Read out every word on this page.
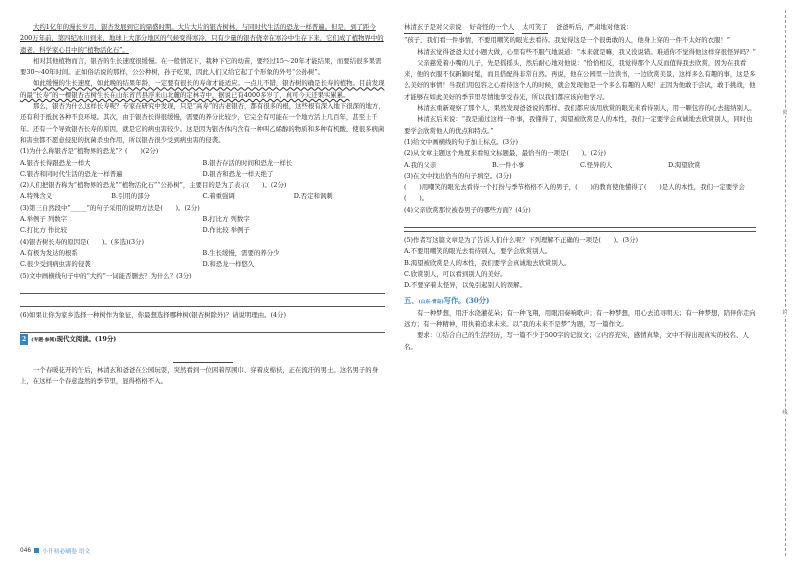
大约1亿年的漫长岁月，银杏发展到它的鼎盛时期。大片大片的银杏树林，与同时代生活的恐龙一样普遍。但是，到了距今200万年前，第四纪冰川到来，地球上大部分地区的气候变得寒冷，只有少量的银杏侥幸在寒冷中生存下来，它们成了植物界中的遗老，科学家心目中的“植物活化石”。

相对其他植物而言，银杏的生长速度很缓慢。在一般情况下，栽种下它的幼苗，要经过15～20年才能结果，而要结很多果需要30～40年时间。正如俗话说的那样，公公种树，孙子吃果，因此人们又给它起了个形象的外号“公孙树”。

如此缓慢的生长速度，如此晚的结果年龄，一定要有很长的寿命才能适应。一点儿不错，银杏树的确是长寿的植物。目前发现的最“长寿”的一棵银杏古树生长在山东省莒县浮来山北麓的定林寺中，据说已有4000多岁了，真可今天还果实累累。

那么，银杏为什么这样长寿呢？专家在研究中发现，只是“高寿”的古老银杏，都有很多的根，这些根有深入地下很深的地方，还有利于抵抗各种不良环境。其次，由于银杏长得很缓慢，需要的养分比较少，它完全有可能在一个地方活上几百年，甚至上千年。还有一个导致银杏长寿的原因，就是它的病虫害较少。这是因为银杏体内含有一种叫乙烯醇的物质和多种有机酸，使很多病菌和害虫都不愿意侵犯的抗菌杀虫作用，所以银杏很少受到病虫害的侵袭。

(1)为什么称银杏是“植物界的恐龙”？(　　)(2分)

A.银杏长得跟恐龙一样大	B.银杏存活的时间和恐龙一样长
C.银杏和同时代生活的恐龙一样普遍	D.银杏和恐龙一样天绝了

(2)人们把银杏称为“植物界的恐龙”“植物活化石”“公孙树”，主要目的是为了表示(　　)。(2分)

A.特殊含义	B.引用的部分	C.着重强调	D.否定和讽刺

(3)第三自然段中“_____”的句子采用的说明方法是(　　)。(2分)

A.举例子 列数字	B.打比方 列数字
C.打比方 作比较	D.作比较 举例子

(4)银杏树长寿的原因是(　　)。(多选)(3分)

A.有极为发达的根系	B.生长缓慢，需要的养分少
C.很少受到病虫害的侵袭	D.和恐龙一样悠久

(5)文中画横线句子中的“大约”一词能否删去？为什么？(3分)

(6)如果让你为家乡选择一种树作为象征，你最想选择哪种树(银杏树除外)？请说明理由。(4分)

2 (专题·参阅)现代文阅读。(19分)

一个春暖花开的午后，林清玄和爸爸在公园玩耍，突然看到一位困着厚围巾、穿着皮棉袄，正在流汗的男士。这名男子的身上，在这样一个春意盎然的季节里，显得格格不入。

林清玄子是对父亲说 好奇怪的一个人 太可笑了 爸爸听后，严肃地对他说：

“孩子，我们看一件事情，不要用嘲笑的眼光去看待。我觉得这是一个很勇敢的人，他身上穿的一件不太好的衣服！”

林清玄觉得爸爸太过小题大做，心里有些不服气地说道：“本来就是嘛，我又没说错。难道你不觉得他这样穿很怪异吗？”

父亲慈爱着小嘴的儿子，先是摇摇头，然后耐心地对他说：“恰恰相反，我觉得那个人反而值得我去欣赏，因为在我看来，他的衣服不仅新颖时髦，而且搭配得非常自然。再说，他在公园里一边读书，一边欣赏美景，这样多么有趣的事，这是多么美好的事情！当我们用包容之心看待这个人的时候，就会发现他是一个多么有趣的人呢！正因为他敢于尝试，敢于挑战，他才能够在如此美好的季节里尽情地享受春光，所以我们都应该向他学习。

林清玄重新观察了那个人，果然发现爸爸说的那样。我们都应该用欣赏的眼光来看待别人，用一颗包容的心去接纳别人。

林清玄后来说：“我是通过这样一件事，我懂得了，渴望被欣赏是人的本性，我们一定要学会真诚地去欣赏别人，同时也要学会欣赏他人的优点和特点。”

(1)给文中画横线的句子加上标点。(3分)

(2)从文章主题这个角度来看短文标题最，最恰当的一项是(　　)。(2分)

A.我的父亲	B.一件小事	C.怪异的人	D.渴望欣赏

(3)在文中找出恰当的句子填空。(3分)

(　　)用嘲笑的眼光去看待一个打扮与季节格格不入的男子，(　　)的教育使他懂得了(　　)是人的本性，我们一定要学会(　　)。

(4)父亲欣赏那位被卷男子的哪些方面？(4分)

(5)作者写这篇文章是为了告诉人们什么呢？下列理解不正确的一项是(　　)。(3分)

A.不要用嘲笑的眼光去看待别人，要学会欣赏别人。

B.渴望被欣赏是人的本性，我们要学会真诚地去欣赏别人。

C.欣赏别人，可以看到别人的美好。

D.不要穿着太怪异，以免引起别人的误解。

五、(山东·青岛)写作。(30分)

有一种梦想，用汗水浇灌花朵；有一种飞翔，用眼泪奏响歌声；有一种梦想，用心去追寻明天；有一种梦想，陪伴你走向远方；有一种精神，用执着追求未来。以“我的未来不是梦”为题，写一篇作文。

要求：①结合自己的生活经历，写一篇不少于500字的记叙文；②内容充实，感情真挚，文中不得出现真实的校名、人名。

046 小升初必刷卷 语文
密
封
线
